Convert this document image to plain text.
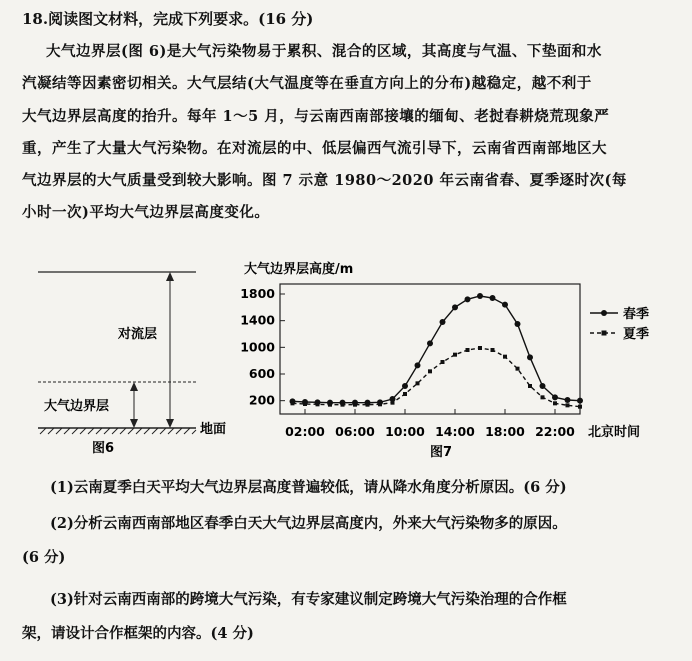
18.阅读图文材料，完成下列要求。(16 分)
大气边界层(图 6)是大气污染物易于累积、混合的区域，其高度与气温、下垫面和水
汽凝结等因素密切相关。大气层结(大气温度等在垂直方向上的分布)越稳定，越不利于
大气边界层高度的抬升。每年 1～5 月，与云南西南部接壤的缅甸、老挝春耕烧荒现象严
重，产生了大量大气污染物。在对流层的中、低层偏西气流引导下，云南省西南部地区大
气边界层的大气质量受到较大影响。图 7 示意 1980～2020 年云南省春、夏季逐时次(每
小时一次)平均大气边界层高度变化。
对流层
大气边界层
地面
图6
大气边界层高度/m
200
600
1000
1400
1800
02:00 06:00 10:00 14:00 18:00 22:00 北京时间
图7
春季
夏季
(1)云南夏季白天平均大气边界层高度普遍较低，请从降水角度分析原因。(6 分)
(2)分析云南西南部地区春季白天大气边界层高度内，外来大气污染物多的原因。
(6 分)
(3)针对云南西南部的跨境大气污染，有专家建议制定跨境大气污染治理的合作框
架，请设计合作框架的内容。(4 分)
